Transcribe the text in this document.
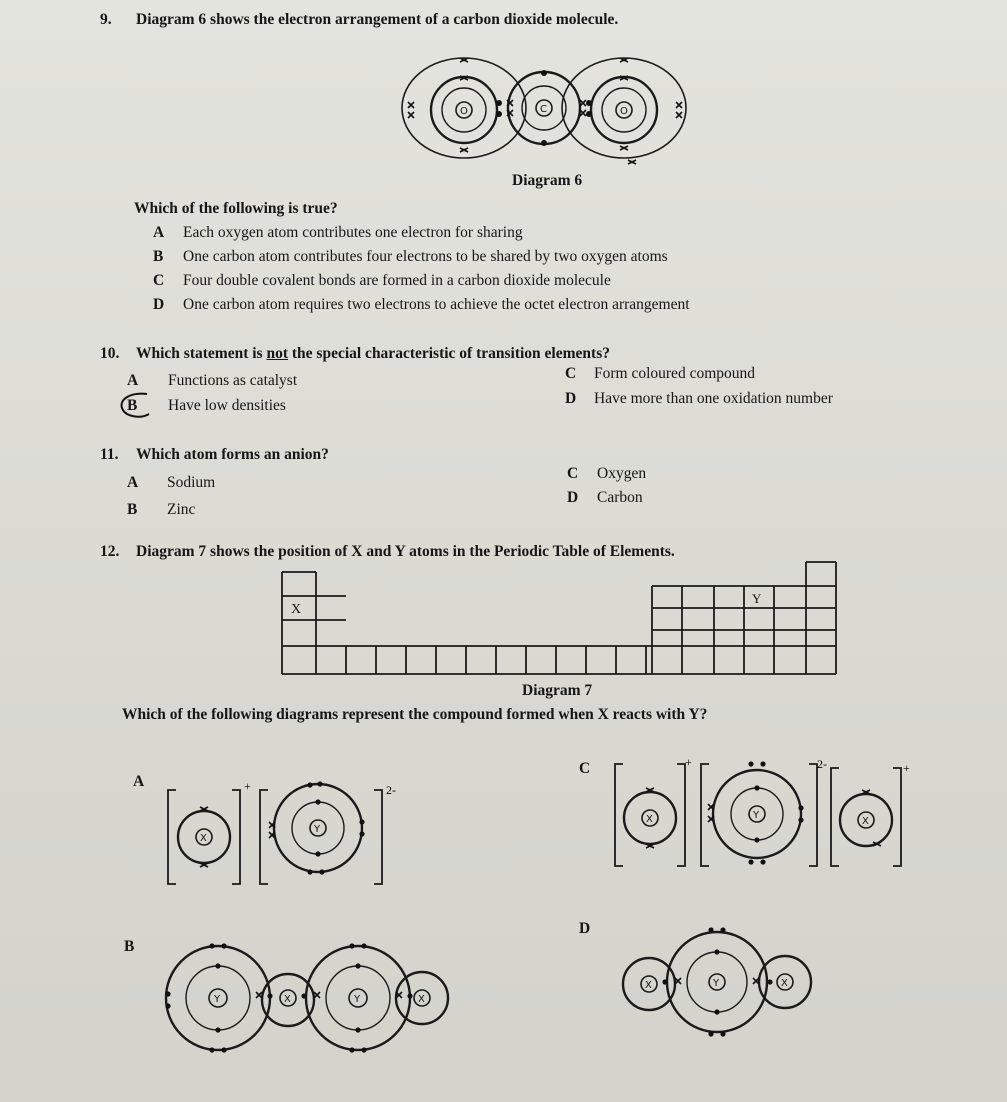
9. Diagram 6 shows the electron arrangement of a carbon dioxide molecule.
O	C	O
Diagram 6
Which of the following is true?
A Each oxygen atom contributes one electron for sharing
B One carbon atom contributes four electrons to be shared by two oxygen atoms
C Four double covalent bonds are formed in a carbon dioxide molecule
D One carbon atom requires two electrons to achieve the octet electron arrangement
10. Which statement is not the special characteristic of transition elements?
A Functions as catalyst
B Have low densities
C Form coloured compound
D Have more than one oxidation number
11. Which atom forms an anion?
A Sodium
B Zinc
C Oxygen
D Carbon
12. Diagram 7 shows the position of X and Y atoms in the Periodic Table of Elements.
X
Y
Diagram 7
Which of the following diagrams represent the compound formed when X reacts with Y?
A
X
+
Y
2-
C
X
+
Y
2-
X
+
B
Y	X	Y	X
D
X	Y	X
